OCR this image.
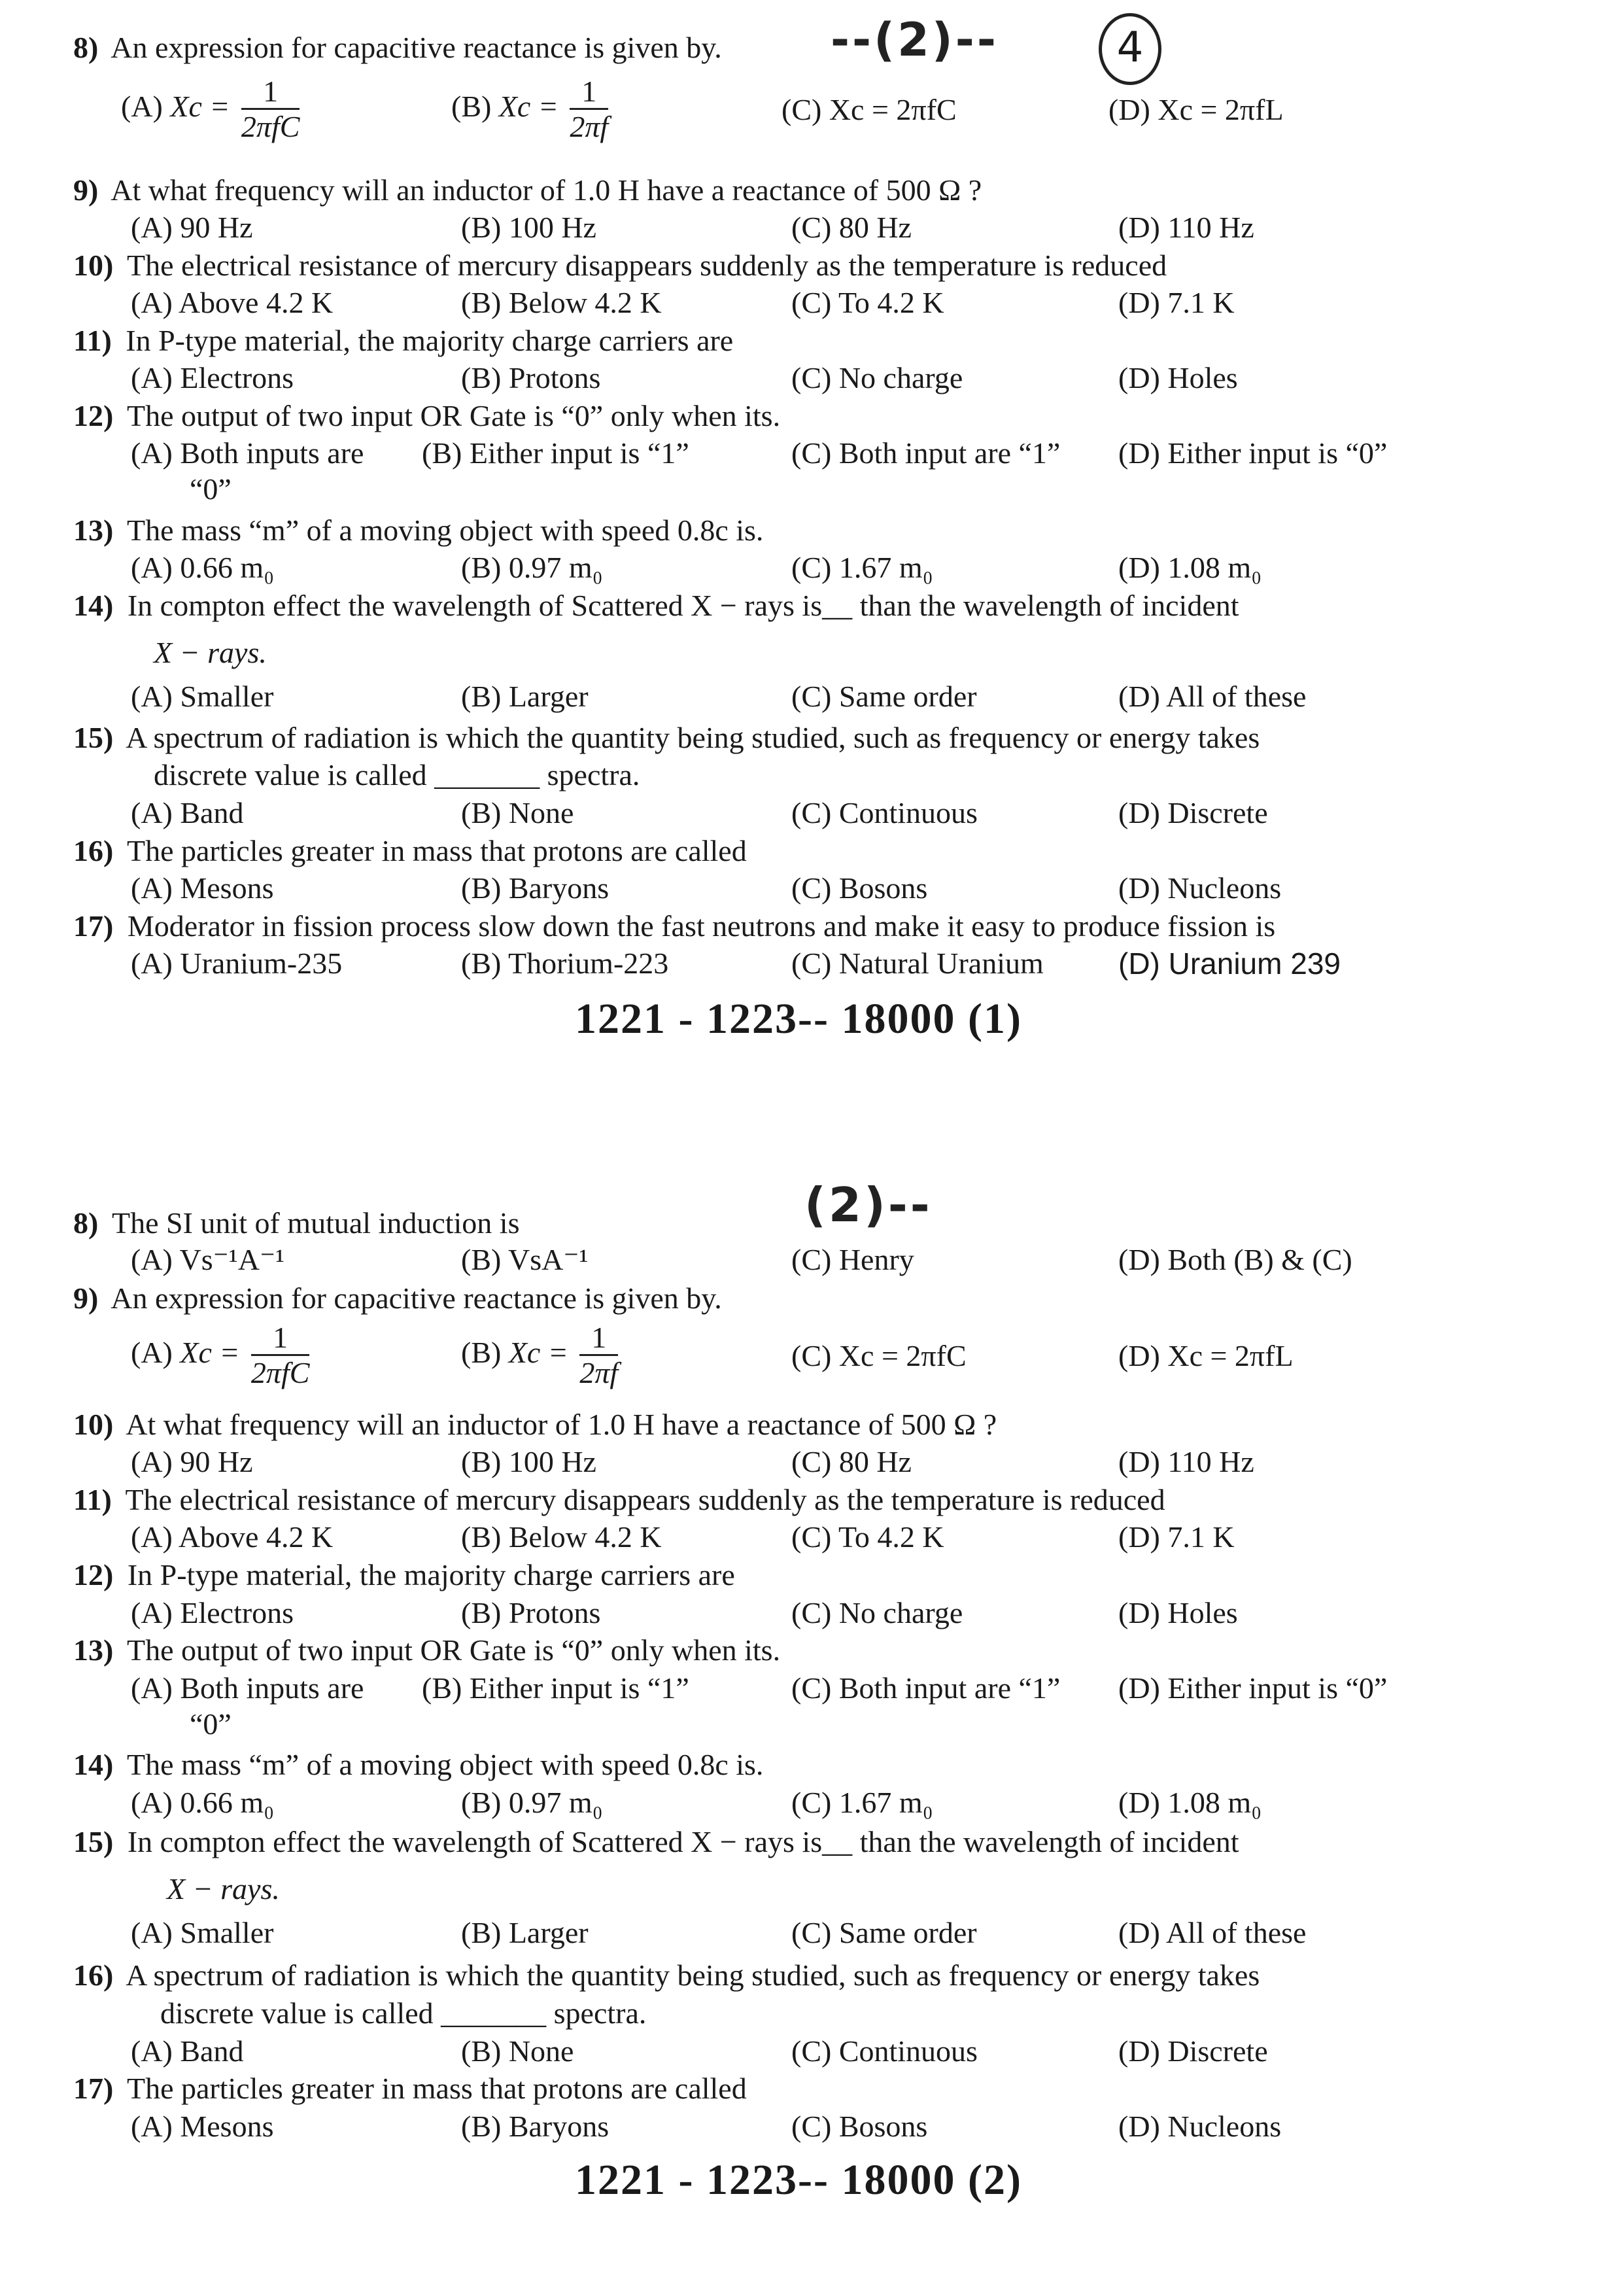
--(2)--	4
8) An expression for capacitive reactance is given by.
(A) $Xc = \frac{1}{\text{2πfC}}$	(B) $Xc = \frac{1}{2\pi f}$	(C) Xc = 2πfC	(D) Xc = 2πfL
9) At what frequency will an inductor of 1.0 H have a reactance of 500 Ω ?
(A) 90 Hz	(B) 100 Hz	(C) 80 Hz	(D) 110 Hz
10) The electrical resistance of mercury disappears suddenly as the temperature is reduced
(A) Above 4.2 K	(B) Below 4.2 K	(C) To 4.2 K	(D) 7.1 K
11) In P-type material, the majority charge carriers are
(A) Electrons	(B) Protons	(C) No charge	(D) Holes
12) The output of two input OR Gate is “0” only when its.
(A) Both inputs are (B) Either input is “1”	(C) Both input are “1” (D) Either input is “0”
“0”
13) The mass “m” of a moving object with speed 0.8c is.
(A) 0.66 m₀	(B) 0.97 m₀	(C) 1.67 m₀	(D) 1.08 m₀
14) In compton effect the wavelength of Scattered X − rays is__ than the wavelength of incident
X − rays.
(A) Smaller	(B) Larger	(C) Same order	(D) All of these
15) A spectrum of radiation is which the quantity being studied, such as frequency or energy takes
discrete value is called _______ spectra.
(A) Band	(B) None	(C) Continuous	(D) Discrete
16) The particles greater in mass that protons are called
(A) Mesons	(B) Baryons	(C) Bosons	(D) Nucleons
17) Moderator in fission process slow down the fast neutrons and make it easy to produce fission is
(A) Uranium-235	(B) Thorium-223	(C) Natural Uranium (D) Uranium 239
1221 - 1223-- 18000 (1)
(2)--
8) The SI unit of mutual induction is
(A) Vs⁻¹A⁻¹	(B) VsA⁻¹	(C) Henry	(D) Both (B) & (C)
9) An expression for capacitive reactance is given by.
(A) $Xc = \frac{1}{\text{2πfC}}$	(B) $Xc = \frac{1}{2\pi f}$	(C) Xc = 2πfC	(D) Xc = 2πfL
10) At what frequency will an inductor of 1.0 H have a reactance of 500 Ω ?
(A) 90 Hz	(B) 100 Hz	(C) 80 Hz	(D) 110 Hz
11) The electrical resistance of mercury disappears suddenly as the temperature is reduced
(A) Above 4.2 K	(B) Below 4.2 K	(C) To 4.2 K	(D) 7.1 K
12) In P-type material, the majority charge carriers are
(A) Electrons	(B) Protons	(C) No charge	(D) Holes
13) The output of two input OR Gate is “0” only when its.
(A) Both inputs are (B) Either input is “1”	(C) Both input are “1” (D) Either input is “0”
“0”
14) The mass “m” of a moving object with speed 0.8c is.
(A) 0.66 m₀	(B) 0.97 m₀	(C) 1.67 m₀	(D) 1.08 m₀
15) In compton effect the wavelength of Scattered X − rays is__ than the wavelength of incident
X − rays.
(A) Smaller	(B) Larger	(C) Same order	(D) All of these
16) A spectrum of radiation is which the quantity being studied, such as frequency or energy takes
discrete value is called _______ spectra.
(A) Band	(B) None	(C) Continuous	(D) Discrete
17) The particles greater in mass that protons are called
(A) Mesons	(B) Baryons	(C) Bosons	(D) Nucleons
1221 - 1223-- 18000 (2)
